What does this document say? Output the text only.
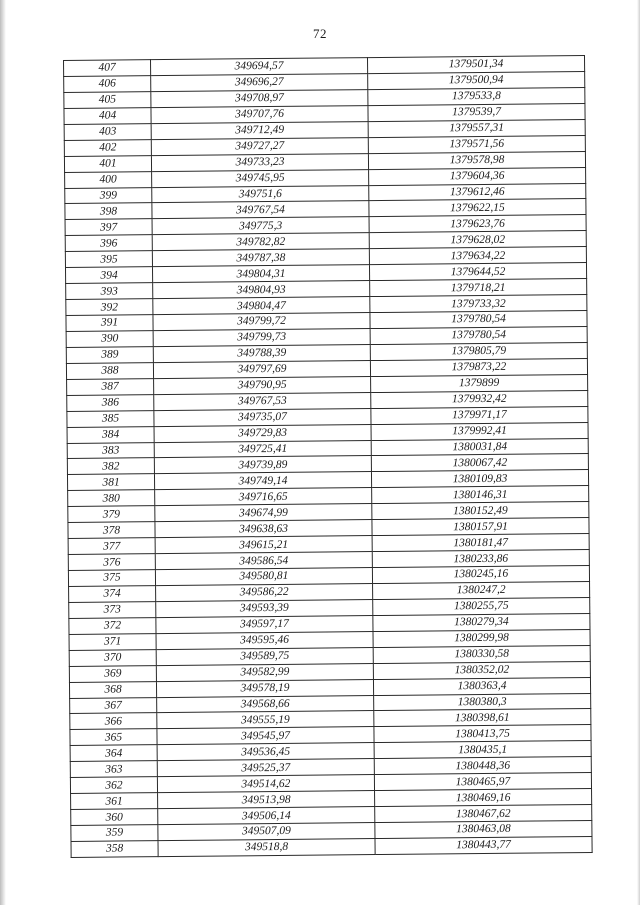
72
407	349694,57	1379501,34
406	349696,27	1379500,94
405	349708,97	1379533,8
404	349707,76	1379539,7
403	349712,49	1379557,31
402	349727,27	1379571,56
401	349733,23	1379578,98
400	349745,95	1379604,36
399	349751,6	1379612,46
398	349767,54	1379622,15
397	349775,3	1379623,76
396	349782,82	1379628,02
395	349787,38	1379634,22
394	349804,31	1379644,52
393	349804,93	1379718,21
392	349804,47	1379733,32
391	349799,72	1379780,54
390	349799,73	1379780,54
389	349788,39	1379805,79
388	349797,69	1379873,22
387	349790,95	1379899
386	349767,53	1379932,42
385	349735,07	1379971,17
384	349729,83	1379992,41
383	349725,41	1380031,84
382	349739,89	1380067,42
381	349749,14	1380109,83
380	349716,65	1380146,31
379	349674,99	1380152,49
378	349638,63	1380157,91
377	349615,21	1380181,47
376	349586,54	1380233,86
375	349580,81	1380245,16
374	349586,22	1380247,2
373	349593,39	1380255,75
372	349597,17	1380279,34
371	349595,46	1380299,98
370	349589,75	1380330,58
369	349582,99	1380352,02
368	349578,19	1380363,4
367	349568,66	1380380,3
366	349555,19	1380398,61
365	349545,97	1380413,75
364	349536,45	1380435,1
363	349525,37	1380448,36
362	349514,62	1380465,97
361	349513,98	1380469,16
360	349506,14	1380467,62
359	349507,09	1380463,08
358	349518,8	1380443,77
